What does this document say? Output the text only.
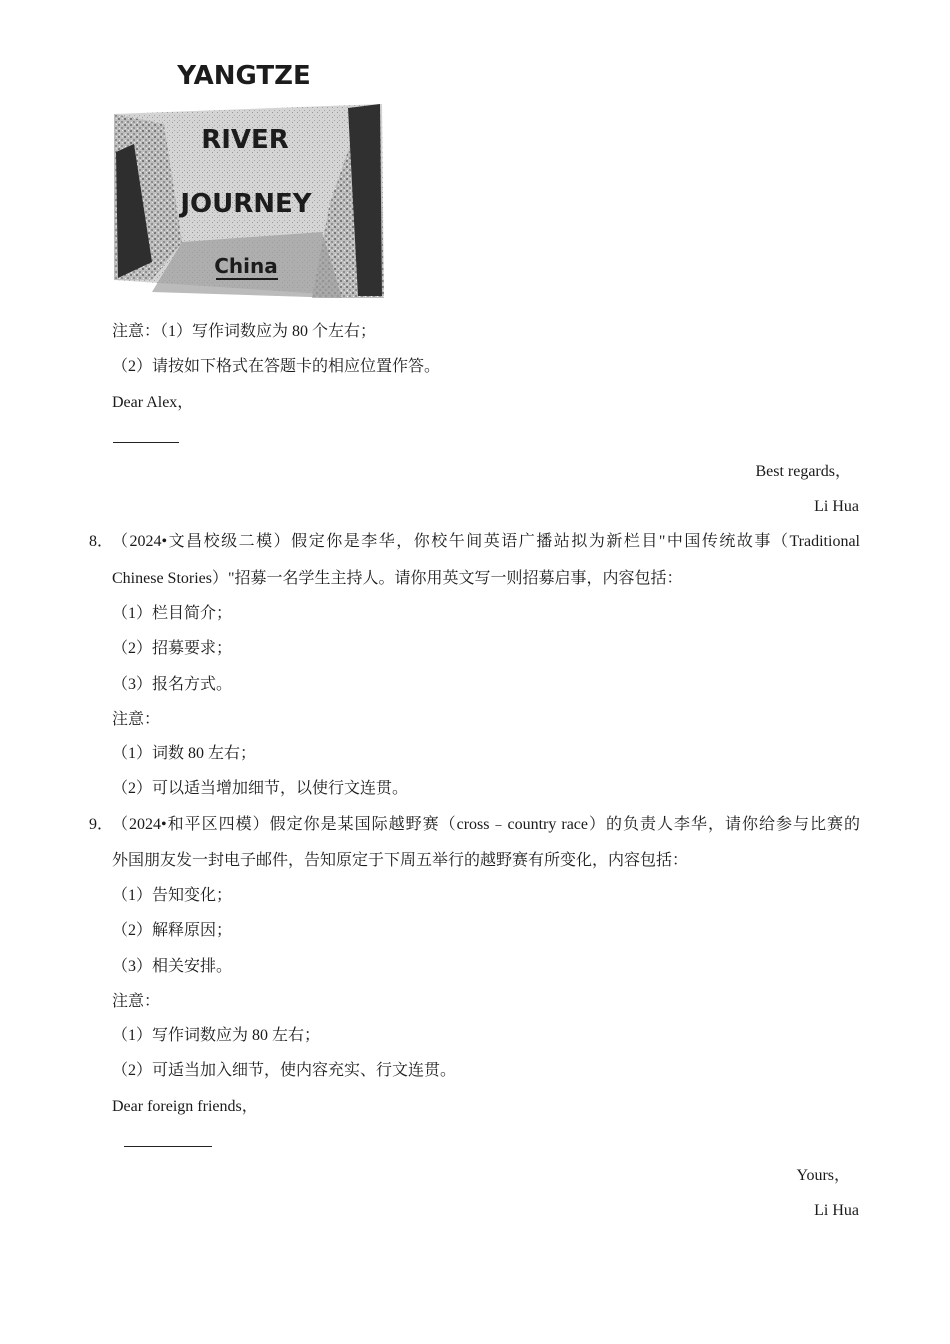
YANGTZE
RIVER
JOURNEY
China
注意：（1）写作词数应为 80 个左右；
（2）请按如下格式在答题卡的相应位置作答。
Dear Alex，
Best regards，
Li Hua
8．
（2024•文昌校级二模）假定你是李华，你校午间英语广播站拟为新栏目"中国传统故事（Traditional
Chinese Stories）"招募一名学生主持人。请你用英文写一则招募启事，内容包括：
（1）栏目简介；
（2）招募要求；
（3）报名方式。
注意：
（1）词数 80 左右；
（2）可以适当增加细节，以使行文连贯。
9．
（2024•和平区四模）假定你是某国际越野赛（cross﹣country race）的负责人李华，请你给参与比赛的
外国朋友发一封电子邮件，告知原定于下周五举行的越野赛有所变化，内容包括：
（1）告知变化；
（2）解释原因；
（3）相关安排。
注意：
（1）写作词数应为 80 左右；
（2）可适当加入细节，使内容充实、行文连贯。
Dear foreign friends，
Yours，
Li Hua
